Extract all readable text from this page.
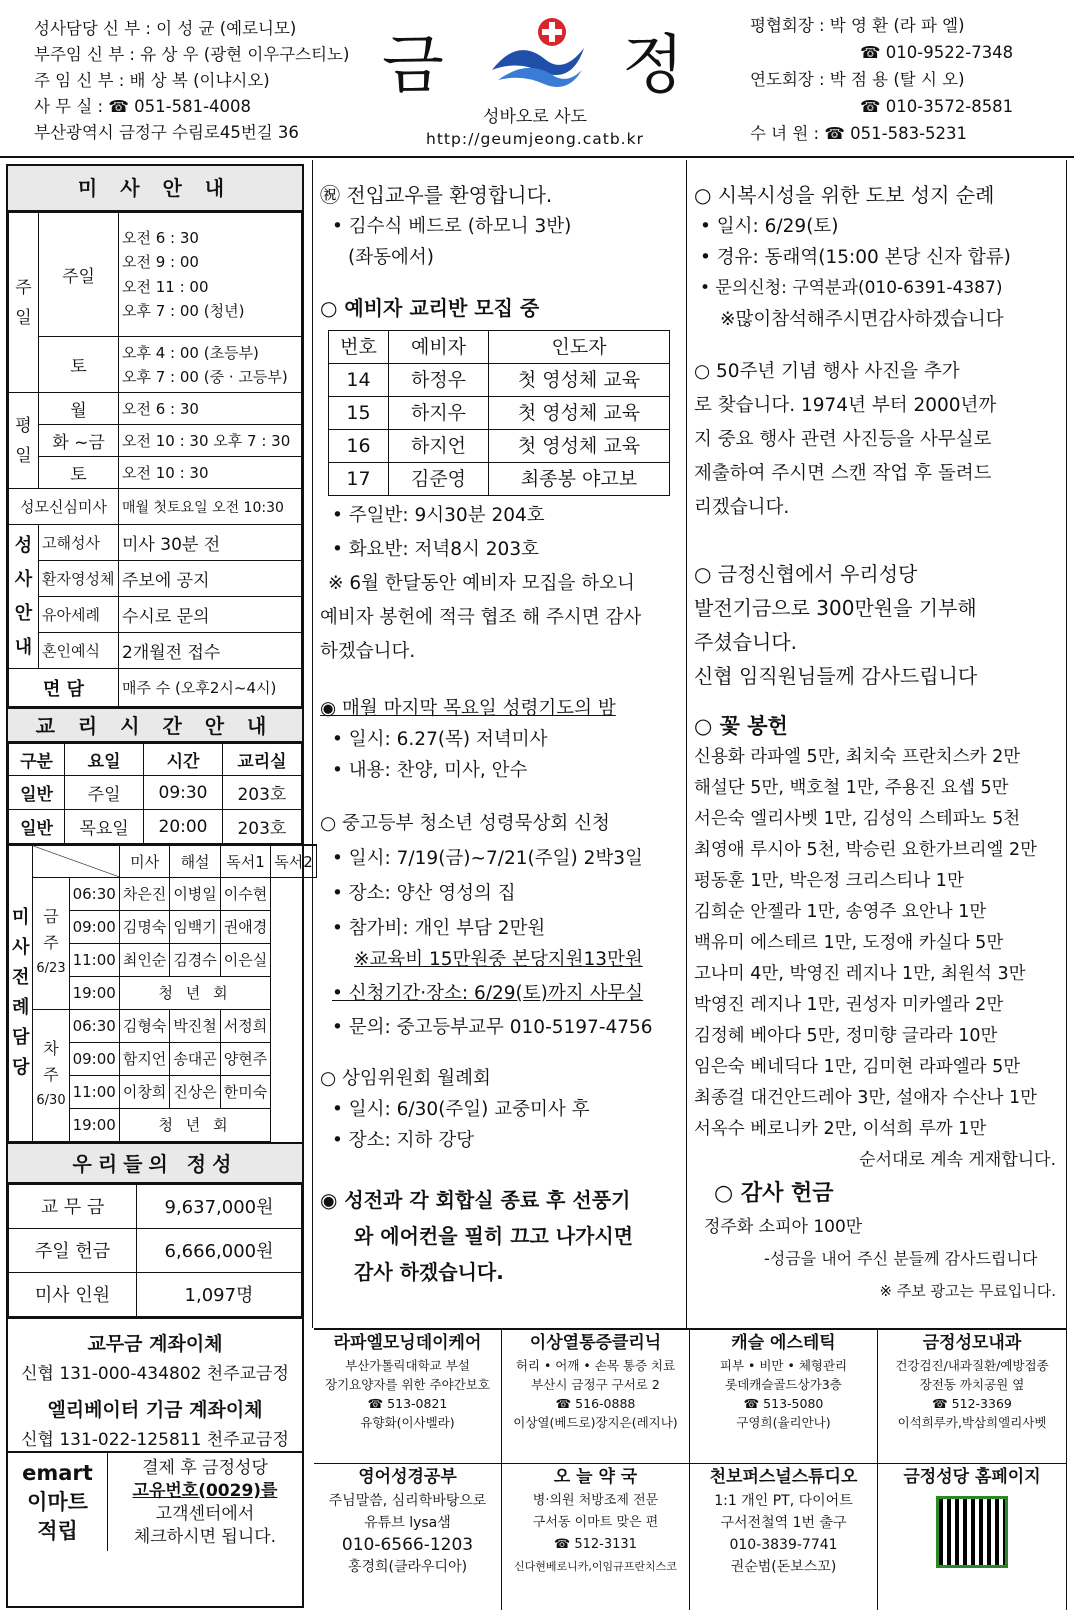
성사담당 신 부 : 이 성 균 (예로니모)
부주임 신 부 : 유 상 우 (광현 이우구스티노)
주 임 신 부 : 배 상 복 (이냐시오)
사 무 실 : ☎ 051-581-4008
부산광역시 금정구 수림로45번길 36
금	정
성바오로 사도
http://geumjeong.catb.kr
평협회장 : 박 영 환 (라 파 엘)
☎ 010-9522-7348
연도회장 : 박 점 용 (탈 시 오)
☎ 010-3572-8581
수 녀 원 : ☎ 051-583-5231
미 사 안 내
주 일	주일	오전 6 : 30
오전 9 : 00
오전 11 : 00
오후 7 : 00 (청년)

	토	오후 4 : 00 (초등부)
오후 7 : 00 (중 · 고등부)

평 일	월	오전 6 : 30
	화 ~금	오전 10 : 30 오후 7 : 30
	토	오전 10 : 30
성모신심미사		매월 첫토요일 오전 10:30
성 사 안 내	고해성사	미사 30분 전
	환자영성체	주보에 공지
	유아세례	수시로 문의
	혼인예식	2개월전 접수
면 담		매주 수 (오후2시~4시)
교 리 시 간 안 내
구분	요일	시간	교리실
일반	주일	09:30	203호
일반	목요일	20:00	203호
미 사 전 례 담 당			미사	해설	독서1	독서2

	금 주
6/23	06:30	차은진	이병일	이수현	
		09:00	김명숙	임백기	권애경	
		11:00	최인순	김경수	이은실	
		19:00	청 년 회			

	차 주
6/30	06:30	김형숙	박진철	서정희	
		09:00	함지언	송대곤	양현주	
		11:00	이창희	진상은	한미숙	
		19:00	청 년 회			
우리들의 정성
교 무 금	9,637,000원
주일 헌금	6,666,000원
미사 인원	1,097명
교무금 계좌이체
신협 131-000-434802 천주교금정
엘리베이터 기금 계좌이체
신협 131-022-125811 천주교금정
emart
이마트
적립
결제 후 금정성당
고유번호(0029)를
고객센터에서
체크하시면 됩니다.

㊗ 전입교우를 환영합니다.

• 김수식 베드로 (하모니 3반)

(좌동에서)

○ 예비자 교리반 모집 중

번호	예비자	인도자
14	하정우	첫 영성체 교육
15	하지우	첫 영성체 교육
16	하지언	첫 영성체 교육
17	김준영	최종봉 야고보

• 주일반: 9시30분 204호

• 화요반: 저녁8시 203호

※ 6월 한달동안 예비자 모집을 하오니

예비자 봉헌에 적극 협조 해 주시면 감사

하겠습니다.

◉ 매월 마지막 목요일 성령기도의 밤

• 일시: 6.27(목) 저녁미사

• 내용: 찬양, 미사, 안수

○ 중고등부 청소년 성령묵상회 신청

• 일시: 7/19(금)~7/21(주일) 2박3일

• 장소: 양산 영성의 집

• 참가비: 개인 부담 2만원

※교육비 15만원중 본당지원13만원

• 신청기간·장소: 6/29(토)까지 사무실

• 문의: 중고등부교무 010-5197-4756

○ 상임위원회 월례회

• 일시: 6/30(주일) 교중미사 후

• 장소: 지하 강당

◉ 성전과 각 회합실 종료 후 선풍기

와 에어컨을 필히 끄고 나가시면

감사 하겠습니다.

○ 시복시성을 위한 도보 성지 순례

• 일시: 6/29(토)

• 경유: 동래역(15:00 본당 신자 합류)

• 문의신청: 구역분과(010-6391-4387)

※많이참석해주시면감사하겠습니다

○ 50주년 기념 행사 사진을 추가

로 찾습니다. 1974년 부터 2000년까

지 중요 행사 관련 사진등을 사무실로

제출하여 주시면 스캔 작업 후 돌려드

리겠습니다.

○ 금정신협에서 우리성당

발전기금으로 300만원을 기부해

주셨습니다.

신협 임직원님들께 감사드립니다

○ 꽃 봉헌

신용화 라파엘 5만, 최치숙 프란치스카 2만

해설단 5만, 백호철 1만, 주용진 요셉 5만

서은숙 엘리사벳 1만, 김성익 스테파노 5천

최영애 루시아 5천, 박승린 요한가브리엘 2만

펑동훈 1만, 박은정 크리스티나 1만

김희순 안젤라 1만, 송영주 요안나 1만

백유미 에스테르 1만, 도정애 카실다 5만

고나미 4만, 박영진 레지나 1만, 최원석 3만

박영진 레지나 1만, 권성자 미카엘라 2만

김정혜 베아다 5만, 정미향 글라라 10만

임은숙 베네딕다 1만, 김미현 라파엘라 5만

최종걸 대건안드레아 3만, 설애자 수산나 1만

서옥수 베로니카 2만, 이석희 루까 1만

순서대로 계속 게재합니다.

○ 감사 헌금

정주화 소피아 100만

-성금을 내어 주신 분들께 감사드립니다

※ 주보 광고는 무료입니다.

라파엘모닝데이케어
부산가톨릭대학교 부설
장기요양자를 위한 주야간보호
☎ 513-0821
유향화(이사벨라)
이상열통증클리닉
허리 • 어깨 • 손목 통증 치료
부산시 금정구 구서로 2
☎ 516-0888
이상열(베드로)장지은(레지나)
캐슬 에스테틱
피부 • 비만 • 체형관리
롯데캐슬골드상가3층
☎ 513-5080
구영희(율리안나)
금정성모내과
건강검진/내과질환/예방접종
장전동 까치공원 옆
☎ 512-3369
이석희루카,박삼희엘리사벳
영어성경공부
주님말씀, 심리학바탕으로
유튜브 lysa샘
010-6566-1203
홍경희(클라우디아)
오 늘 약 국
병·의원 처방조제 전문
구서동 이마트 맞은 편
☎ 512-3131
신다현베로니카,이임규프란치스코
천보퍼스널스튜디오
1:1 개인 PT, 다이어트
구서전철역 1번 출구
010-3839-7741
권순범(돈보스꼬)
금정성당 홈페이지
